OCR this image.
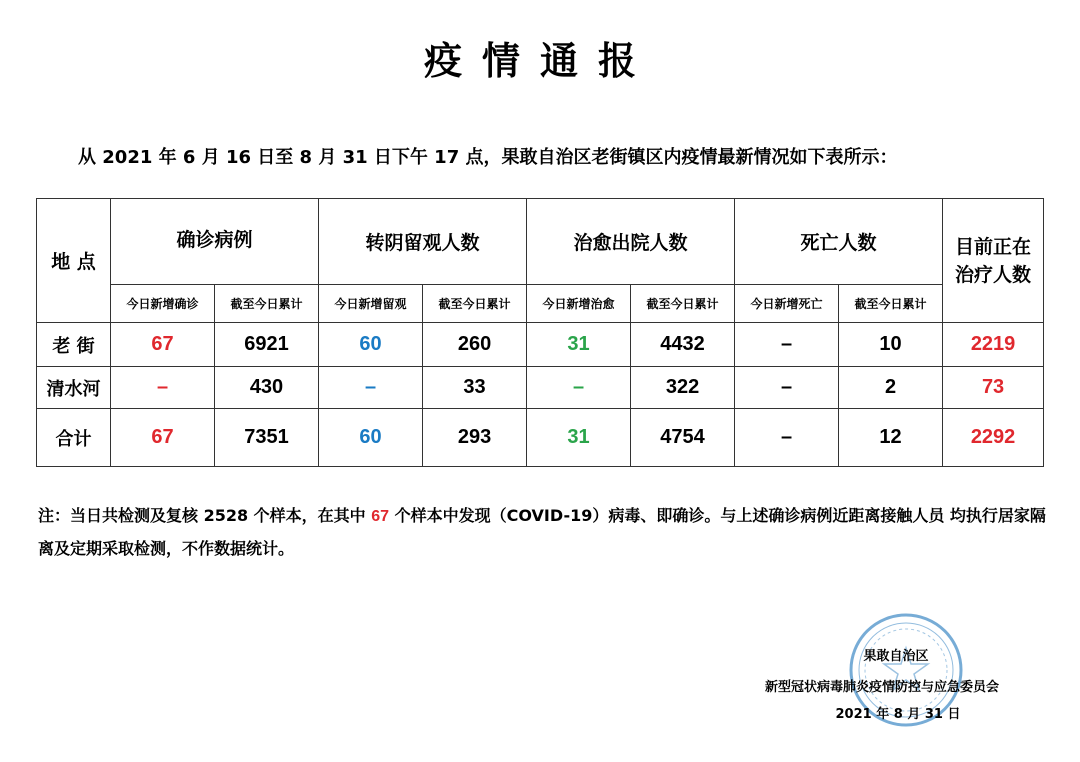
疫情通报
从 2021 年 6 月 16 日至 8 月 31 日下午 17 点，果敢自治区老街镇区内疫情最新情况如下表所示：
地 点	确诊病例		转阴留观人数		治愈出院人数		死亡人数		目前正在治疗人数
	今日新增确诊	截至今日累计	今日新增留观	截至今日累计	今日新增治愈	截至今日累计	今日新增死亡	截至今日累计	
老 街	67	6921	60	260	31	4432	–	10	2219
清水河	–	430	–	33	–	322	–	2	73
合计	67	7351	60	293	31	4754	–	12	2292
注：当日共检测及复核 2528 个样本，在其中 67 个样本中发现（COVID-19）病毒、即确诊。与上述确诊病例近距离接触人员 均执行居家隔离及定期采取检测，不作数据统计。
果敢自治区
新型冠状病毒肺炎疫情防控与应急委员会
2021 年 8 月 31 日
